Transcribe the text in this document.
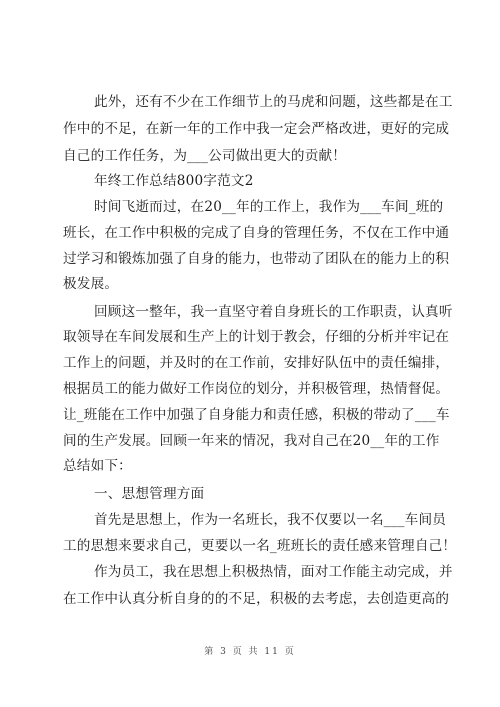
此外，还有不少在工作细节上的马虎和问题，这些都是在工
作中的不足，在新一年的工作中我一定会严格改进，更好的完成
自己的工作任务，为___公司做出更大的贡献！
年终工作总结800字范文2
时间飞逝而过，在20__年的工作上，我作为___车间_班的
班长，在工作中积极的完成了自身的管理任务，不仅在工作中通
过学习和锻炼加强了自身的能力，也带动了团队在的能力上的积
极发展。
回顾这一整年，我一直坚守着自身班长的工作职责，认真听
取领导在车间发展和生产上的计划于教会，仔细的分析并牢记在
工作上的问题，并及时的在工作前，安排好队伍中的责任编排，
根据员工的能力做好工作岗位的划分，并积极管理，热情督促。
让_班能在工作中加强了自身能力和责任感，积极的带动了___车
间的生产发展。回顾一年来的情况，我对自己在20__年的工作
总结如下：
一、思想管理方面
首先是思想上，作为一名班长，我不仅要以一名___车间员
工的思想来要求自己，更要以一名_班班长的责任感来管理自己！
作为员工，我在思想上积极热情，面对工作能主动完成，并
在工作中认真分析自身的的不足，积极的去考虑，去创造更高的
第 3 页 共 11 页
